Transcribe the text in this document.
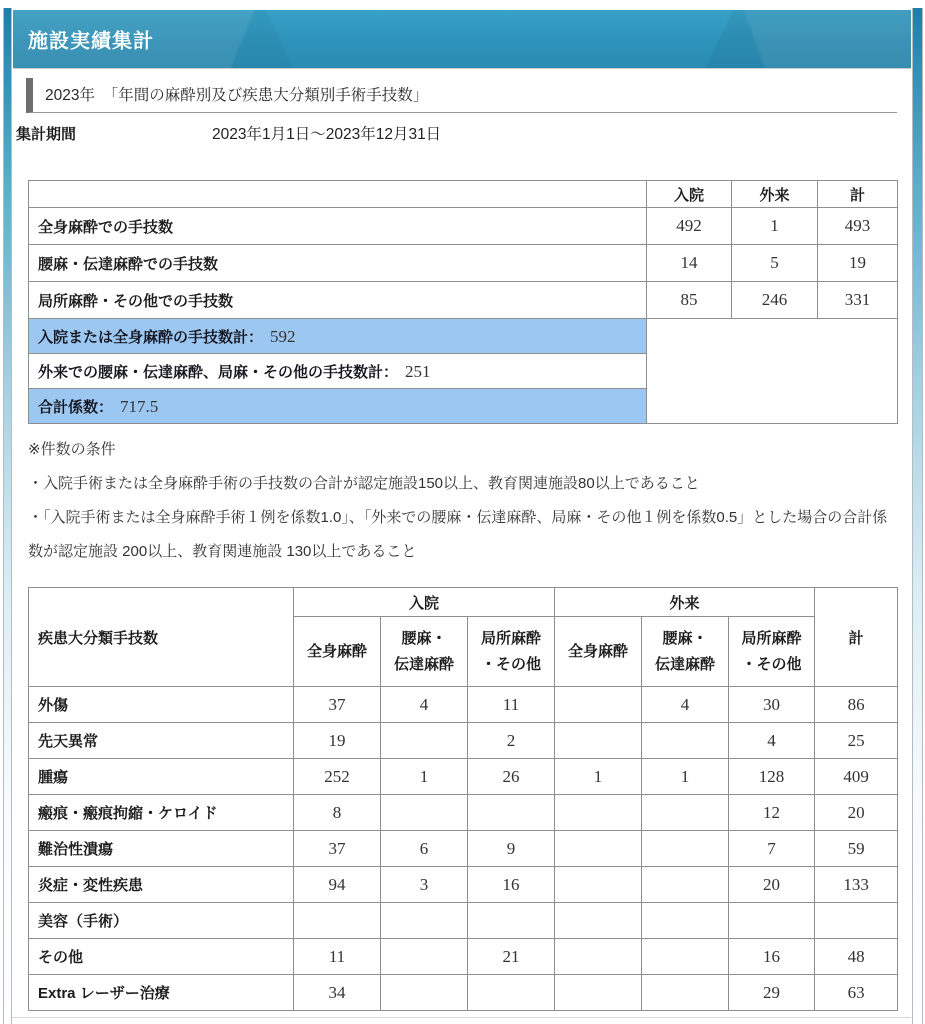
施設実績集計
2023年　「年間の麻酔別及び疾患大分類別手術手技数」
集計期間	2023年1月1日～2023年12月31日
	入院	外来	計
全身麻酔での手技数	492	1	493
腰麻・伝達麻酔での手技数	14	5	19
局所麻酔・その他での手技数	85	246	331
入院または全身麻酔の手技数計： 592			
外来での腰麻・伝達麻酔、局麻・その他の手技数計： 251			
合計係数： 717.5			
※件数の条件
・入院手術または全身麻酔手術の手技数の合計が認定施設150以上、教育関連施設80以上であること
・「入院手術または全身麻酔手術１例を係数1.0」、「外来での腰麻・伝達麻酔、局麻・その他１例を係数0.5」とした場合の合計係数が認定施設 200以上、教育関連施設 130以上であること
疾患大分類手技数	入院			外来			計

	全身麻酔	腰麻・
伝達麻酔	局所麻酔
・その他	全身麻酔	腰麻・
伝達麻酔	局所麻酔
・その他	

外傷	37	4	11		4	30	86
先天異常	19		2			4	25
腫瘍	252	1	26	1	1	128	409
瘢痕・瘢痕拘縮・ケロイド	8					12	20
難治性潰瘍	37	6	9			7	59
炎症・変性疾患	94	3	16			20	133
美容（手術）							
その他	11		21			16	48
Extra レーザー治療	34					29	63
